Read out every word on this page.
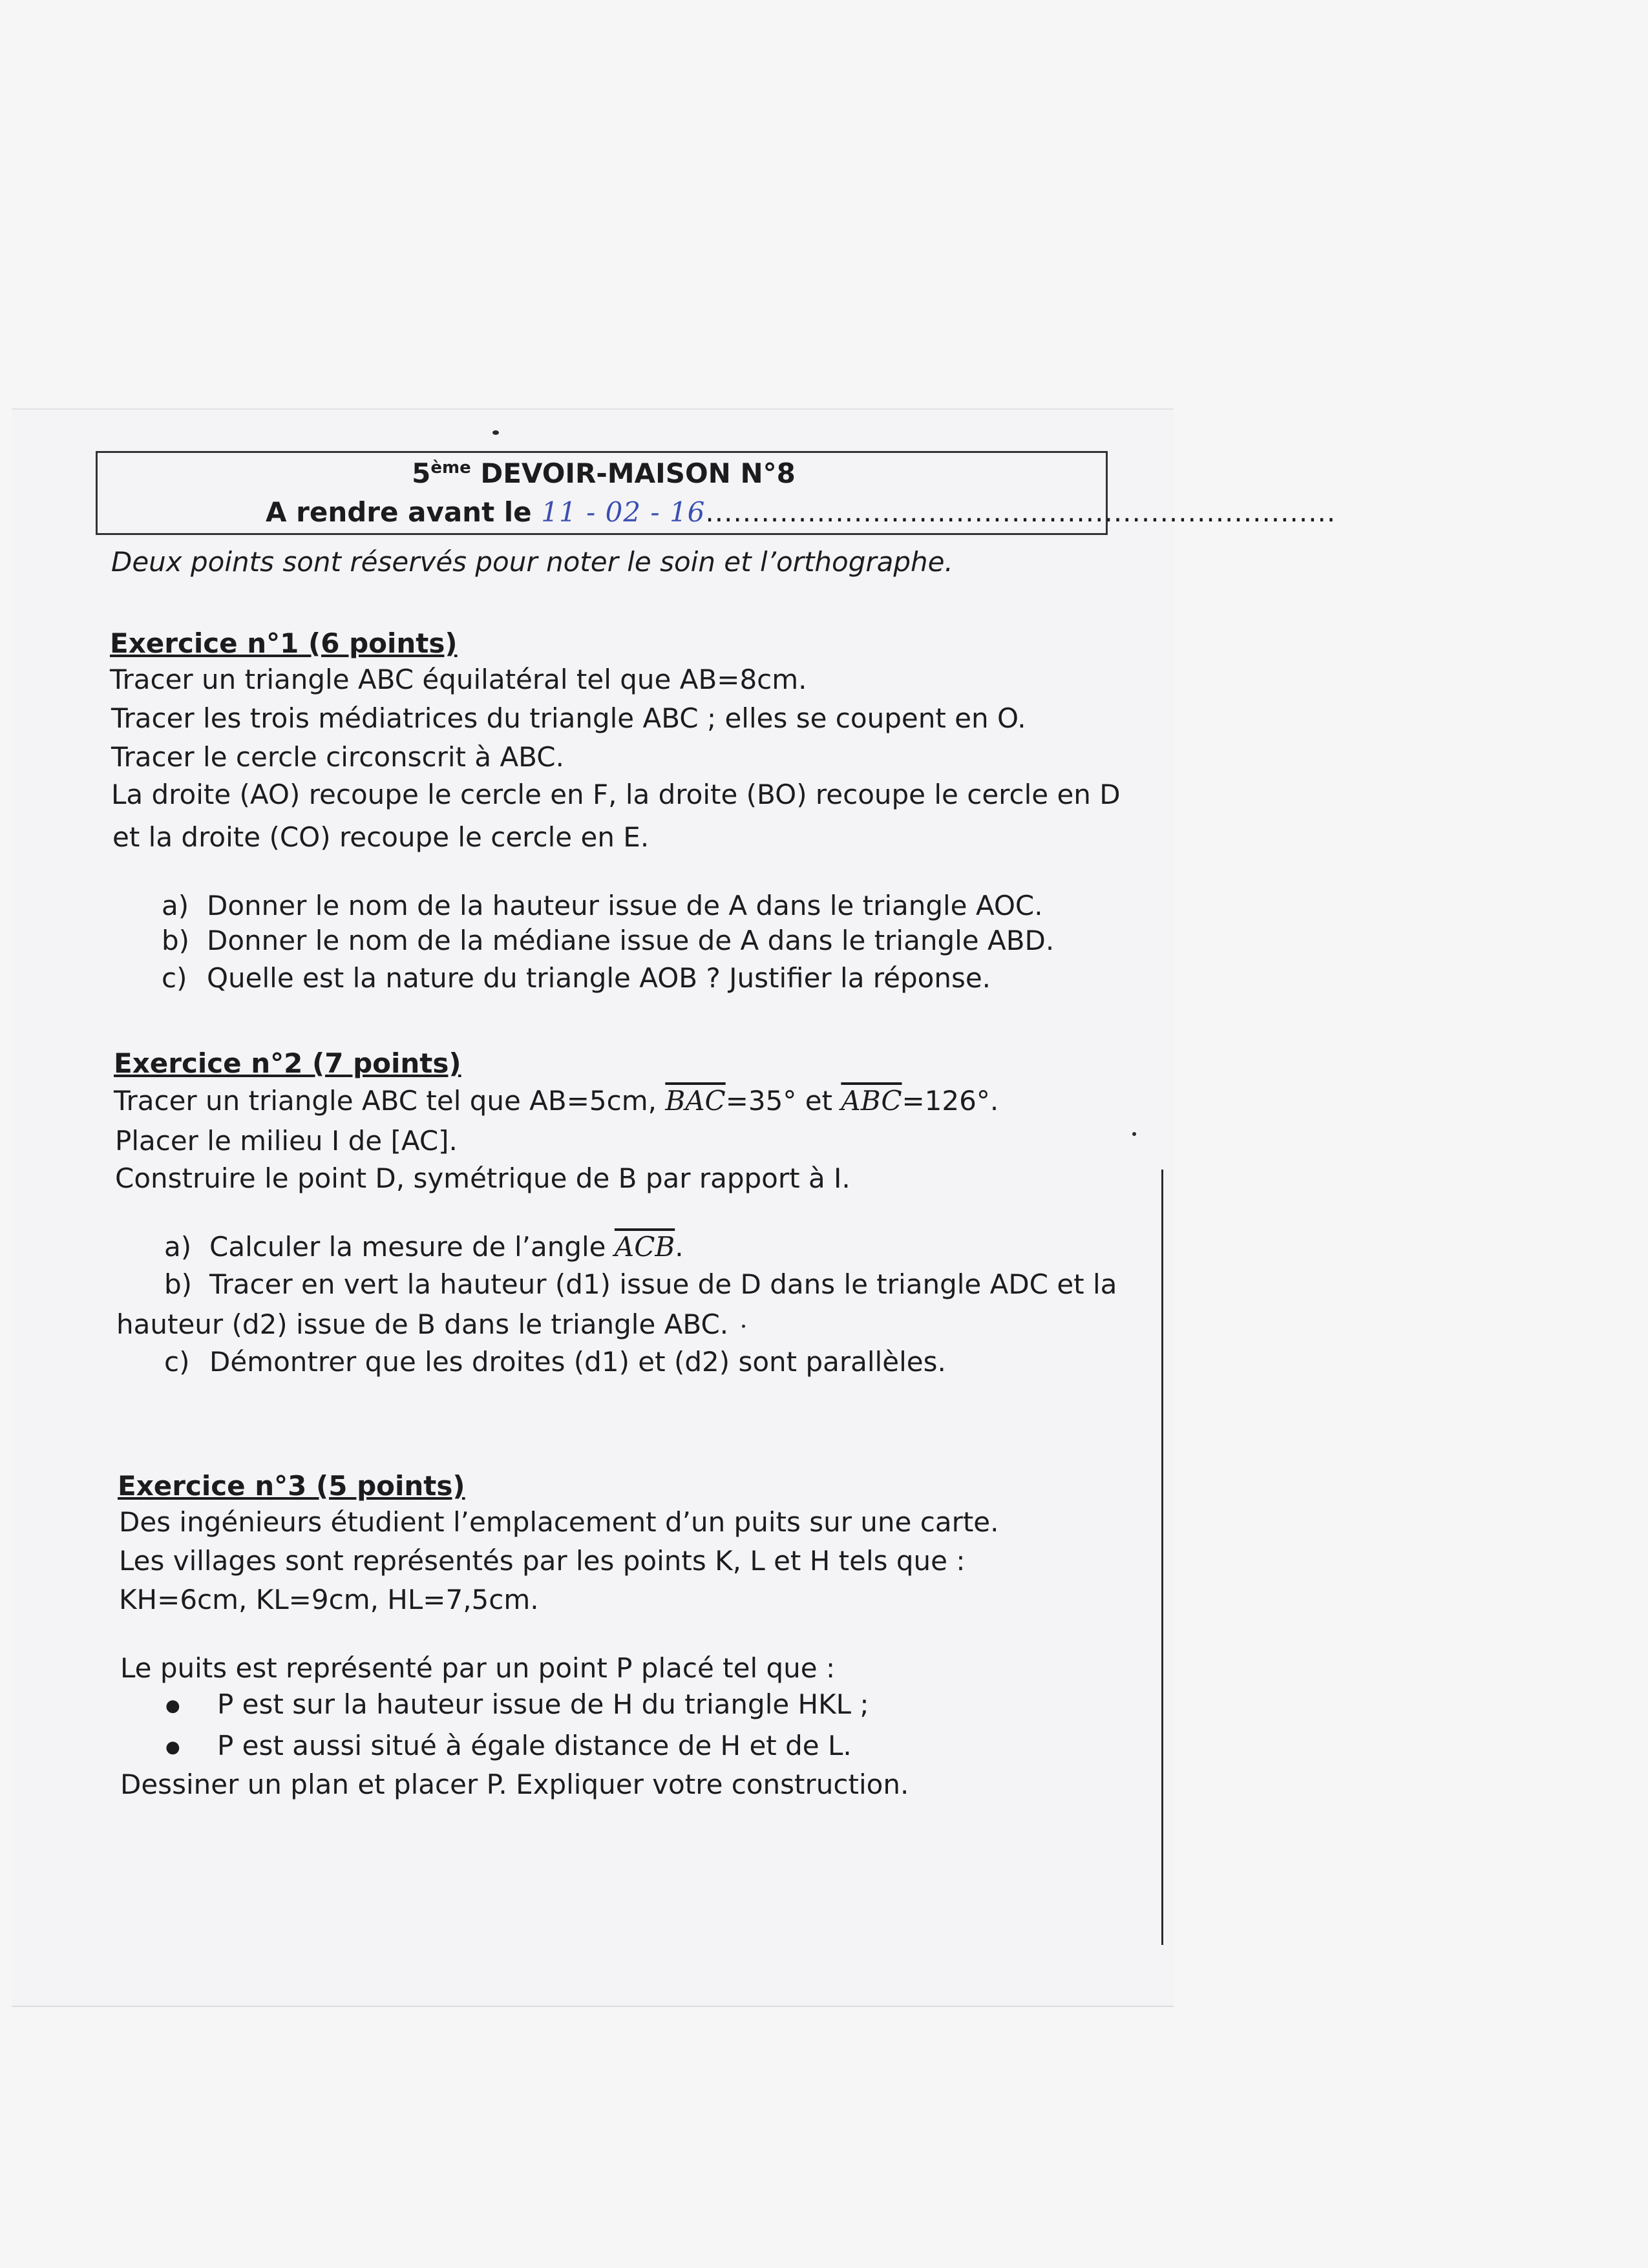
5ème DEVOIR-MAISON N°8
A rendre avant le 11 - 02 - 16....................................................................
Deux points sont réservés pour noter le soin et l’orthographe.
Exercice n°1 (6 points)
Tracer un triangle ABC équilatéral tel que AB=8cm.
Tracer les trois médiatrices du triangle ABC ; elles se coupent en O.
Tracer le cercle circonscrit à ABC.
La droite (AO) recoupe le cercle en F, la droite (BO) recoupe le cercle en D
et la droite (CO) recoupe le cercle en E.
a) Donner le nom de la hauteur issue de A dans le triangle AOC.
b) Donner le nom de la médiane issue de A dans le triangle ABD.
c) Quelle est la nature du triangle AOB ? Justifier la réponse.
Exercice n°2 (7 points)
Tracer un triangle ABC tel que AB=5cm, $\overline{BAC}=35^\circ$ et $\overline{ABC}=126^\circ$.
Placer le milieu I de [AC].
Construire le point D, symétrique de B par rapport à I.
a) Calculer la mesure de l’angle $\overline{ACB}$.
b) Tracer en vert la hauteur (d1) issue de D dans le triangle ADC et la
hauteur (d2) issue de B dans le triangle ABC.
c) Démontrer que les droites (d1) et (d2) sont parallèles.
Exercice n°3 (5 points)
Des ingénieurs étudient l’emplacement d’un puits sur une carte.
Les villages sont représentés par les points K, L et H tels que :
KH=6cm, KL=9cm, HL=7,5cm.
Le puits est représenté par un point P placé tel que :
● P est sur la hauteur issue de H du triangle HKL ;
● P est aussi situé à égale distance de H et de L.
Dessiner un plan et placer P. Expliquer votre construction.
